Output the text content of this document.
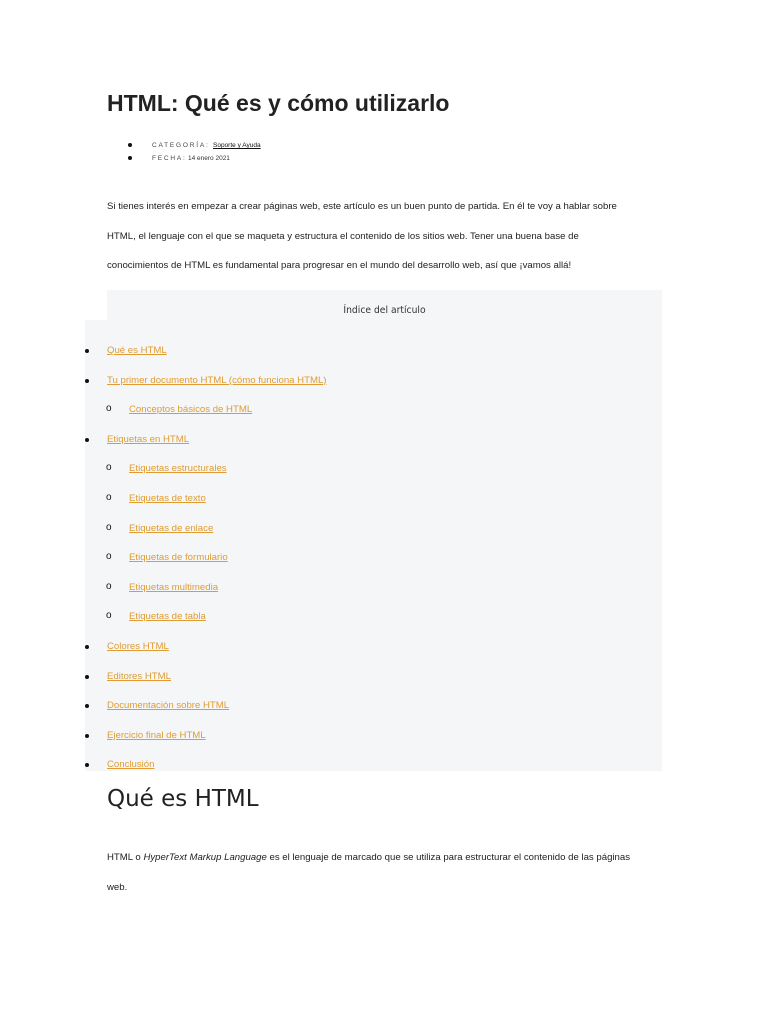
HTML: Qué es y cómo utilizarlo
CATEGORÍA: Soporte y Ayuda
FECHA: 14 enero 2021
Si tienes interés en empezar a crear páginas web, este artículo es un buen punto de partida. En él te voy a hablar sobre
HTML, el lenguaje con el que se maqueta y estructura el contenido de los sitios web. Tener una buena base de
conocimientos de HTML es fundamental para progresar en el mundo del desarrollo web, así que ¡vamos allá!
Índice del artículo
Qué es HTML
Tu primer documento HTML (cómo funciona HTML)
o Conceptos básicos de HTML
Etiquetas en HTML
o Etiquetas estructurales
o Etiquetas de texto
o Etiquetas de enlace
o Etiquetas de formulario
o Etiquetas multimedia
o Etiquetas de tabla
Colores HTML
Editores HTML
Documentación sobre HTML
Ejercicio final de HTML
Conclusión
Qué es HTML
HTML o HyperText Markup Language es el lenguaje de marcado que se utiliza para estructurar el contenido de las páginas
web.
